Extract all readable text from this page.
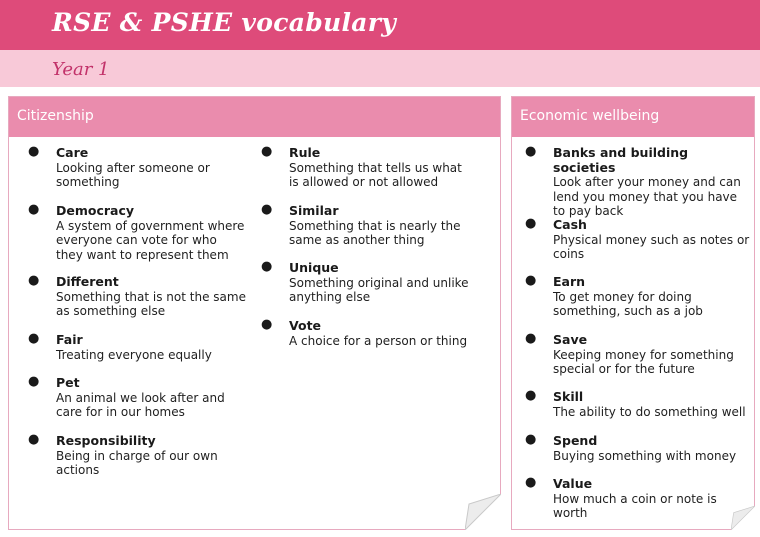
RSE & PSHE vocabulary
Year 1
Citizenship
● Care
Looking after someone or something
● Democracy
A system of government where everyone can vote for who they want to represent them
● Different
Something that is not the same as something else
● Fair
Treating everyone equally
● Pet
An animal we look after and care for in our homes
● Responsibility
Being in charge of our own actions
● Rule
Something that tells us what is allowed or not allowed
● Similar
Something that is nearly the same as another thing
● Unique
Something original and unlike anything else
● Vote
A choice for a person or thing
Economic wellbeing
● Banks and building societies
Look after your money and can lend you money that you have to pay back
● Cash
Physical money such as notes or coins
● Earn
To get money for doing something, such as a job
● Save
Keeping money for something special or for the future
● Skill
The ability to do something well
● Spend
Buying something with money
● Value
How much a coin or note is worth
